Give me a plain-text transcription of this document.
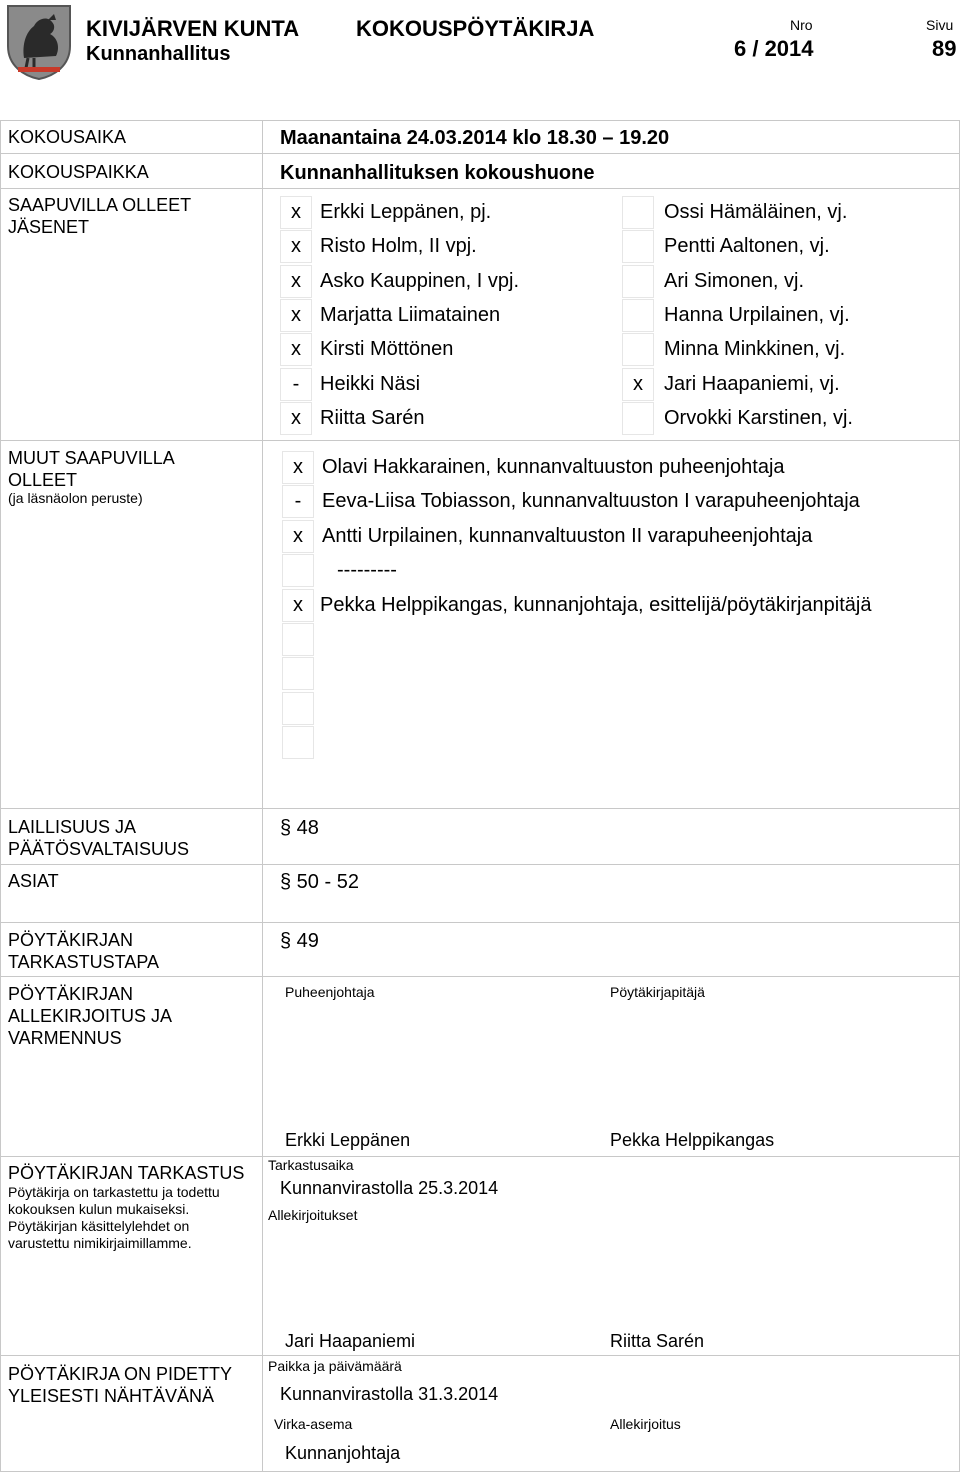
KIVIJÄRVEN KUNTA
Kunnanhallitus
KOKOUSPÖYTÄKIRJA	Nro
6 / 2014
Sivu
89
KOKOUSAIKA	Maanantaina 24.03.2014 klo 18.30 – 19.20
KOKOUSPAIKKA	Kunnanhallituksen kokoushuone
SAAPUVILLA OLLEET JÄSENET
x Erkki Leppänen, pj.	Ossi Hämäläinen, vj.
x Risto Holm, II vpj.	Pentti Aaltonen, vj.
x Asko Kauppinen, I vpj.	Ari Simonen, vj.
x Marjatta Liimatainen	Hanna Urpilainen, vj.
x Kirsti Möttönen	Minna Minkkinen, vj.
-	Heikki Näsi	x	Jari Haapaniemi, vj.
x Riitta Sarén	Orvokki Karstinen, vj.
MUUT SAAPUVILLA OLLEET
(ja läsnäolon peruste)
x Olavi Hakkarainen, kunnanvaltuuston puheenjohtaja
-	Eeva-Liisa Tobiasson, kunnanvaltuuston I varapuheenjohtaja
x Antti Urpilainen, kunnanvaltuuston II varapuheenjohtaja
---------
x Pekka Helppikangas, kunnanjohtaja, esittelijä/pöytäkirjanpitäjä
LAILLISUUS JA PÄÄTÖSVALTAISUUS
§ 48
ASIAT	§ 50 - 52
PÖYTÄKIRJAN TARKASTUSTAPA
§ 49
PÖYTÄKIRJAN ALLEKIRJOITUS JA VARMENNUS
Puheenjohtaja	Pöytäkirjapitäjä
Erkki Leppänen	Pekka Helppikangas
PÖYTÄKIRJAN TARKASTUS
Pöytäkirja on tarkastettu ja todettu kokouksen kulun mukaiseksi. Pöytäkirjan käsittelylehdet on varustettu nimikirjaimillamme.
Tarkastusaika
Kunnanvirastolla 25.3.2014
Allekirjoitukset
Jari Haapaniemi	Riitta Sarén
PÖYTÄKIRJA ON PIDETTY YLEISESTI NÄHTÄVÄNÄ
Paikka ja päivämäärä
Kunnanvirastolla 31.3.2014
Virka-asema
Kunnanjohtaja
Allekirjoitus
